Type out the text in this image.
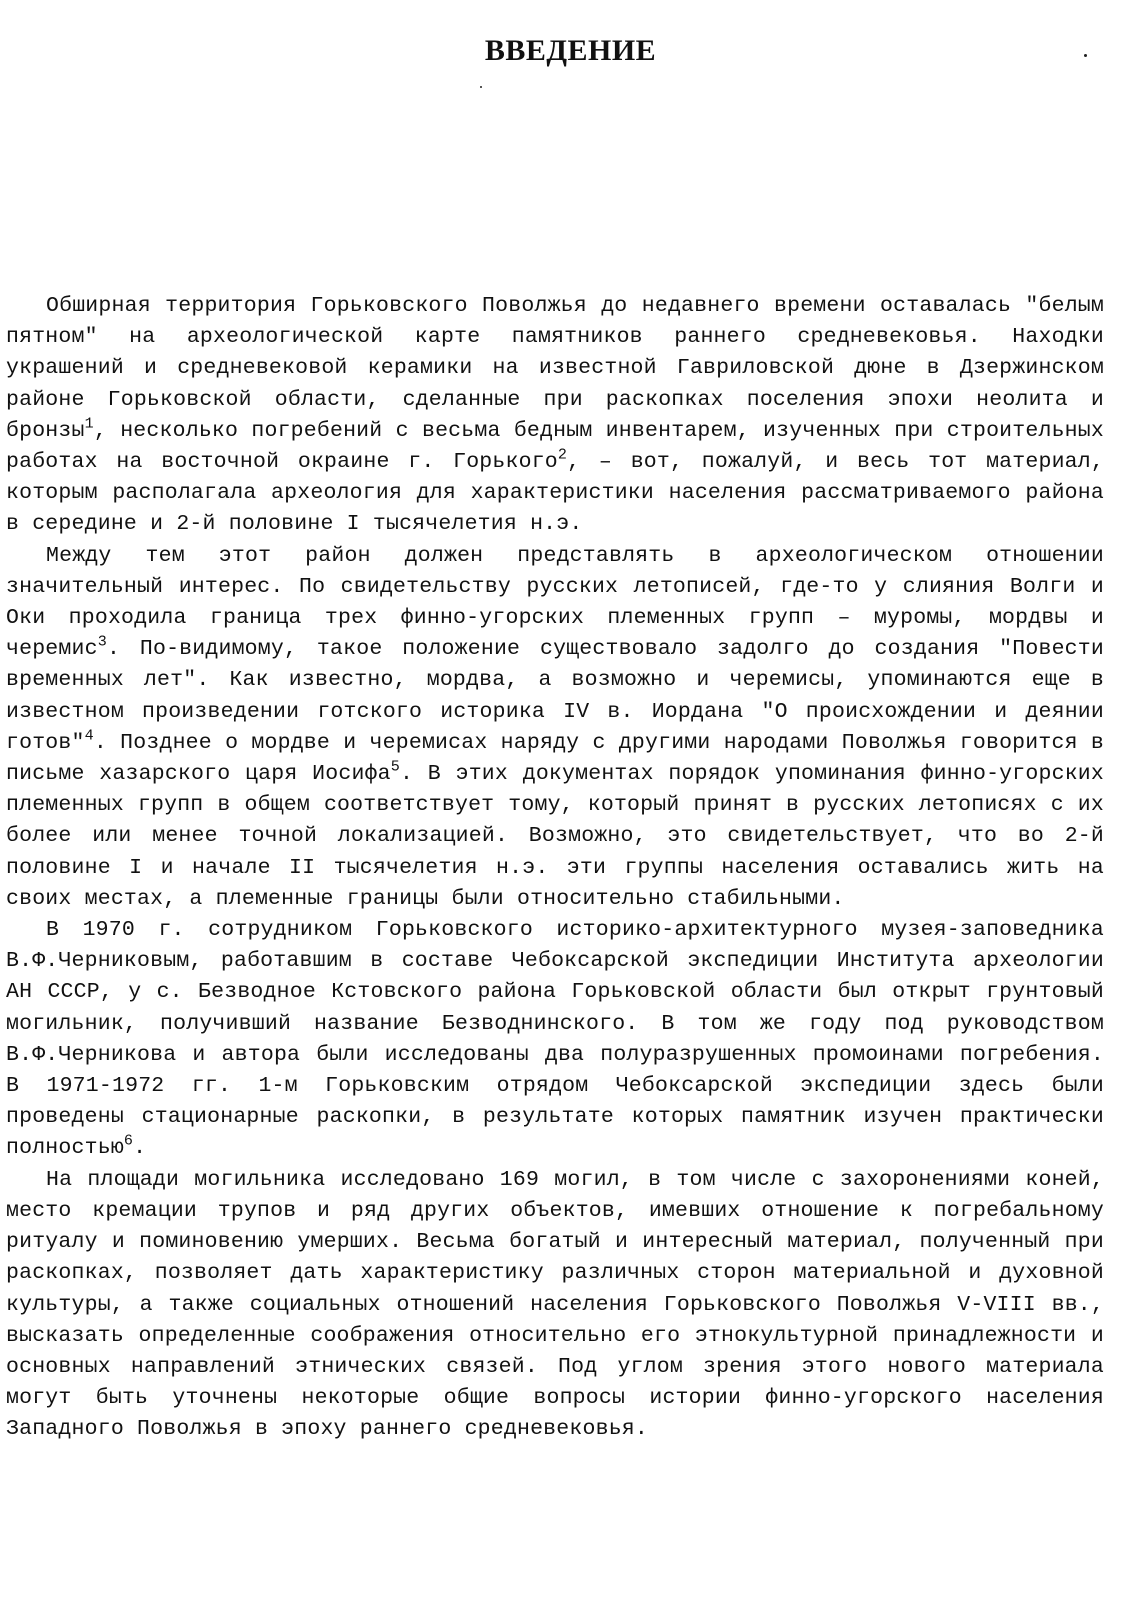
ВВЕДЕНИЕ

Обширная территория Горьковского Поволжья до недавнего времени оставалась "белым пятном" на археологической карте памятников раннего средневековья. Находки украшений и средневековой керамики на известной Гавриловской дюне в Дзержинском районе Горьковской области, сделанные при раскопках поселения эпохи неолита и бронзы$^1$, несколько погребений с весьма бедным инвентарем, изученных при строительных работах на восточной окраине г. Горького$^2$, – вот, пожалуй, и весь тот материал, которым располагала археология для характеристики населения рассматриваемого района в середине и 2-й половине I тысячелетия н.э.

Между тем этот район должен представлять в археологическом отношении значительный интерес. По свидетельству русских летописей, где-то у слияния Волги и Оки проходила граница трех финно-угорских племенных групп – муромы, мордвы и черемис$^3$. По-видимому, такое положение существовало задолго до создания "Повести временных лет". Как известно, мордва, а возможно и черемисы, упоминаются еще в известном произведении готского историка IV в. Иордана "О происхождении и деянии готов"$^4$. Позднее о мордве и черемисах наряду с другими народами Поволжья говорится в письме хазарского царя Иосифа$^5$. В этих документах порядок упоминания финно-угорских племенных групп в общем соответствует тому, который принят в русских летописях с их более или менее точной локализацией. Возможно, это свидетельствует, что во 2-й половине I и начале II тысячелетия н.э. эти группы населения оставались жить на своих местах, а племенные границы были относительно стабильными.

В 1970 г. сотрудником Горьковского историко-архитектурного музея-заповедника В.Ф.Черниковым, работавшим в составе Чебоксарской экспедиции Института археологии АН СССР, у с. Безводное Кстовского района Горьковской области был открыт грунтовый могильник, получивший название Безводнинского. В том же году под руководством В.Ф.Черникова и автора были исследованы два полуразрушенных промоинами погребения. В 1971-1972 гг. 1-м Горьковским отрядом Чебоксарской экспедиции здесь были проведены стационарные раскопки, в результате которых памятник изучен практически полностью$^6$.

На площади могильника исследовано 169 могил, в том числе с захоронениями коней, место кремации трупов и ряд других объектов, имевших отношение к погребальному ритуалу и поминовению умерших. Весьма богатый и интересный материал, полученный при раскопках, позволяет дать характеристику различных сторон материальной и духовной культуры, а также социальных отношений населения Горьковского Поволжья V-VIII вв., высказать определенные соображения относительно его этнокультурной принадлежности и основных направлений этнических связей. Под углом зрения этого нового материала могут быть уточнены некоторые общие вопросы истории финно-угорского населения Западного Поволжья в эпоху раннего средневековья.
